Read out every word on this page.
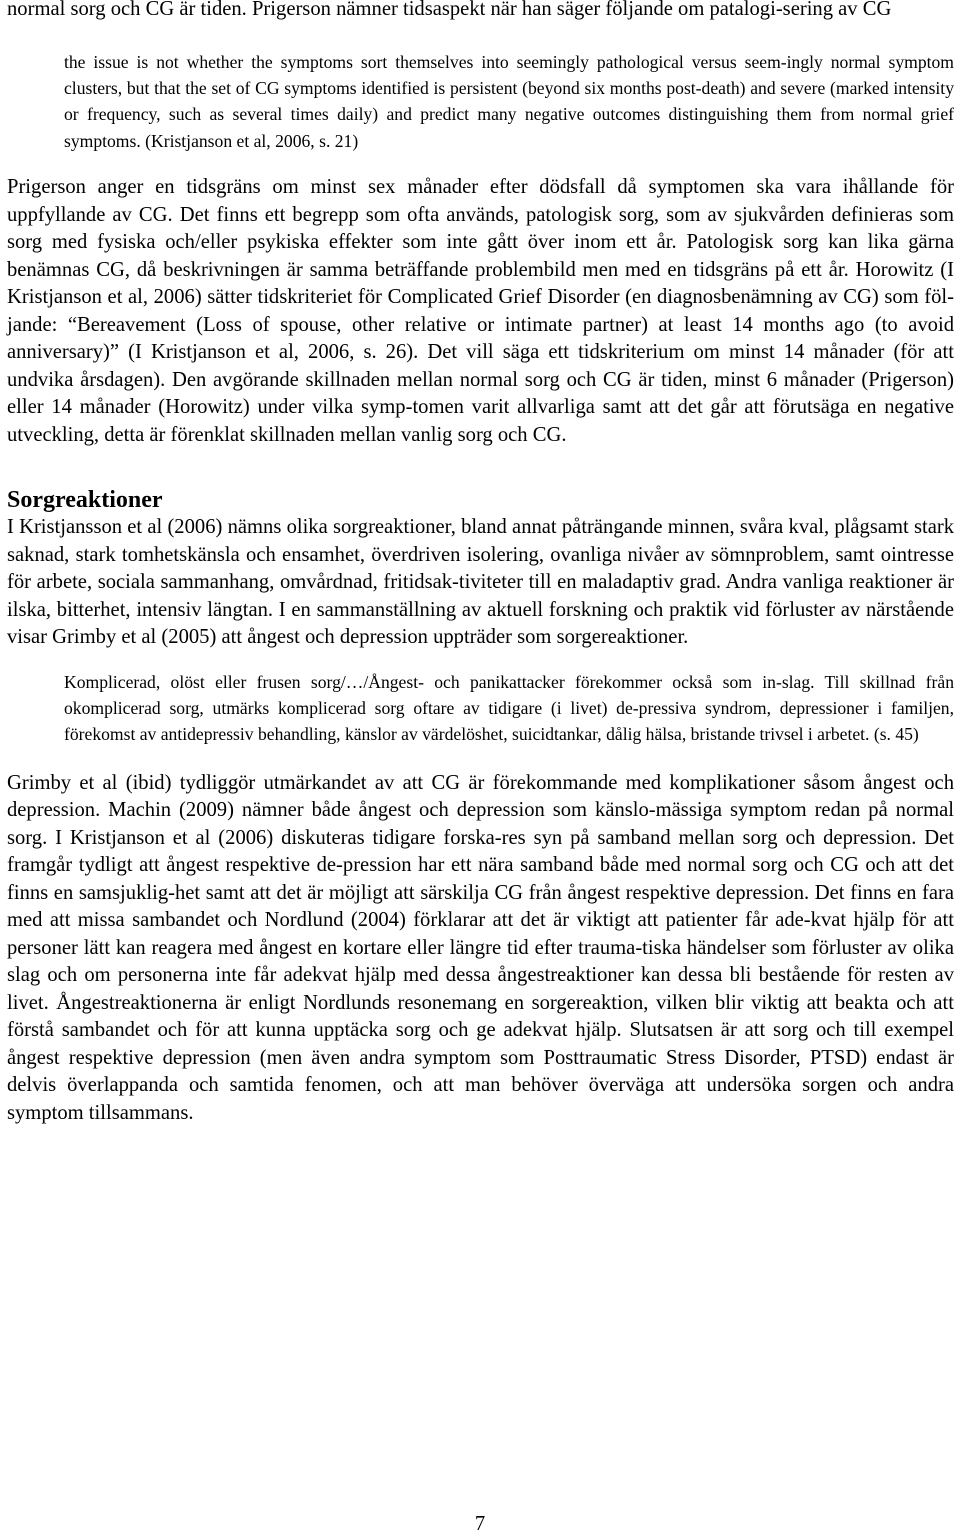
normal sorg och CG är tiden. Prigerson nämner tidsaspekt när han säger följande om patalogi-sering av CG

the issue is not whether the symptoms sort themselves into seemingly pathological versus seem-ingly normal symptom clusters, but that the set of CG symptoms identified is persistent (beyond six months post-death) and severe (marked intensity or frequency, such as several times daily) and predict many negative outcomes distinguishing them from normal grief symptoms. (Kristjanson et al, 2006, s. 21)

Prigerson anger en tidsgräns om minst sex månader efter dödsfall då symptomen ska vara ihållande för uppfyllande av CG. Det finns ett begrepp som ofta används, patologisk sorg, som av sjukvården definieras som sorg med fysiska och/eller psykiska effekter som inte gått över inom ett år. Patologisk sorg kan lika gärna benämnas CG, då beskrivningen är samma beträffande problembild men med en tidsgräns på ett år. Horowitz (I Kristjanson et al, 2006) sätter tidskriteriet för Complicated Grief Disorder (en diagnosbenämning av CG) som föl-jande: “Bereavement (Loss of spouse, other relative or intimate partner) at least 14 months ago (to avoid anniversary)” (I Kristjanson et al, 2006, s. 26). Det vill säga ett tidskriterium om minst 14 månader (för att undvika årsdagen). Den avgörande skillnaden mellan normal sorg och CG är tiden, minst 6 månader (Prigerson) eller 14 månader (Horowitz) under vilka symp-tomen varit allvarliga samt att det går att förutsäga en negative utveckling, detta är förenklat skillnaden mellan vanlig sorg och CG.

Sorgreaktioner

I Kristjansson et al (2006) nämns olika sorgreaktioner, bland annat påträngande minnen, svåra kval, plågsamt stark saknad, stark tomhetskänsla och ensamhet, överdriven isolering, ovanliga nivåer av sömnproblem, samt ointresse för arbete, sociala sammanhang, omvårdnad, fritidsak-tiviteter till en maladaptiv grad. Andra vanliga reaktioner är ilska, bitterhet, intensiv längtan. I en sammanställning av aktuell forskning och praktik vid förluster av närstående visar Grimby et al (2005) att ångest och depression uppträder som sorgereaktioner.

Komplicerad, olöst eller frusen sorg/…/Ångest- och panikattacker förekommer också som in-slag. Till skillnad från okomplicerad sorg, utmärks komplicerad sorg oftare av tidigare (i livet) de-pressiva syndrom, depressioner i familjen, förekomst av antidepressiv behandling, känslor av värdelöshet, suicidtankar, dålig hälsa, bristande trivsel i arbetet. (s. 45)

Grimby et al (ibid) tydliggör utmärkandet av att CG är förekommande med komplikationer såsom ångest och depression. Machin (2009) nämner både ångest och depression som känslo-mässiga symptom redan på normal sorg. I Kristjanson et al (2006) diskuteras tidigare forska-res syn på samband mellan sorg och depression. Det framgår tydligt att ångest respektive de-pression har ett nära samband både med normal sorg och CG och att det finns en samsjuklig-het samt att det är möjligt att särskilja CG från ångest respektive depression. Det finns en fara med att missa sambandet och Nordlund (2004) förklarar att det är viktigt att patienter får ade-kvat hjälp för att personer lätt kan reagera med ångest en kortare eller längre tid efter trauma-tiska händelser som förluster av olika slag och om personerna inte får adekvat hjälp med dessa ångestreaktioner kan dessa bli bestående för resten av livet. Ångestreaktionerna är enligt Nordlunds resonemang en sorgereaktion, vilken blir viktig att beakta och att förstå sambandet och för att kunna upptäcka sorg och ge adekvat hjälp. Slutsatsen är att sorg och till exempel ångest respektive depression (men även andra symptom som Posttraumatic Stress Disorder, PTSD) endast är delvis överlappanda och samtida fenomen, och att man behöver överväga att undersöka sorgen och andra symptom tillsammans.

7
